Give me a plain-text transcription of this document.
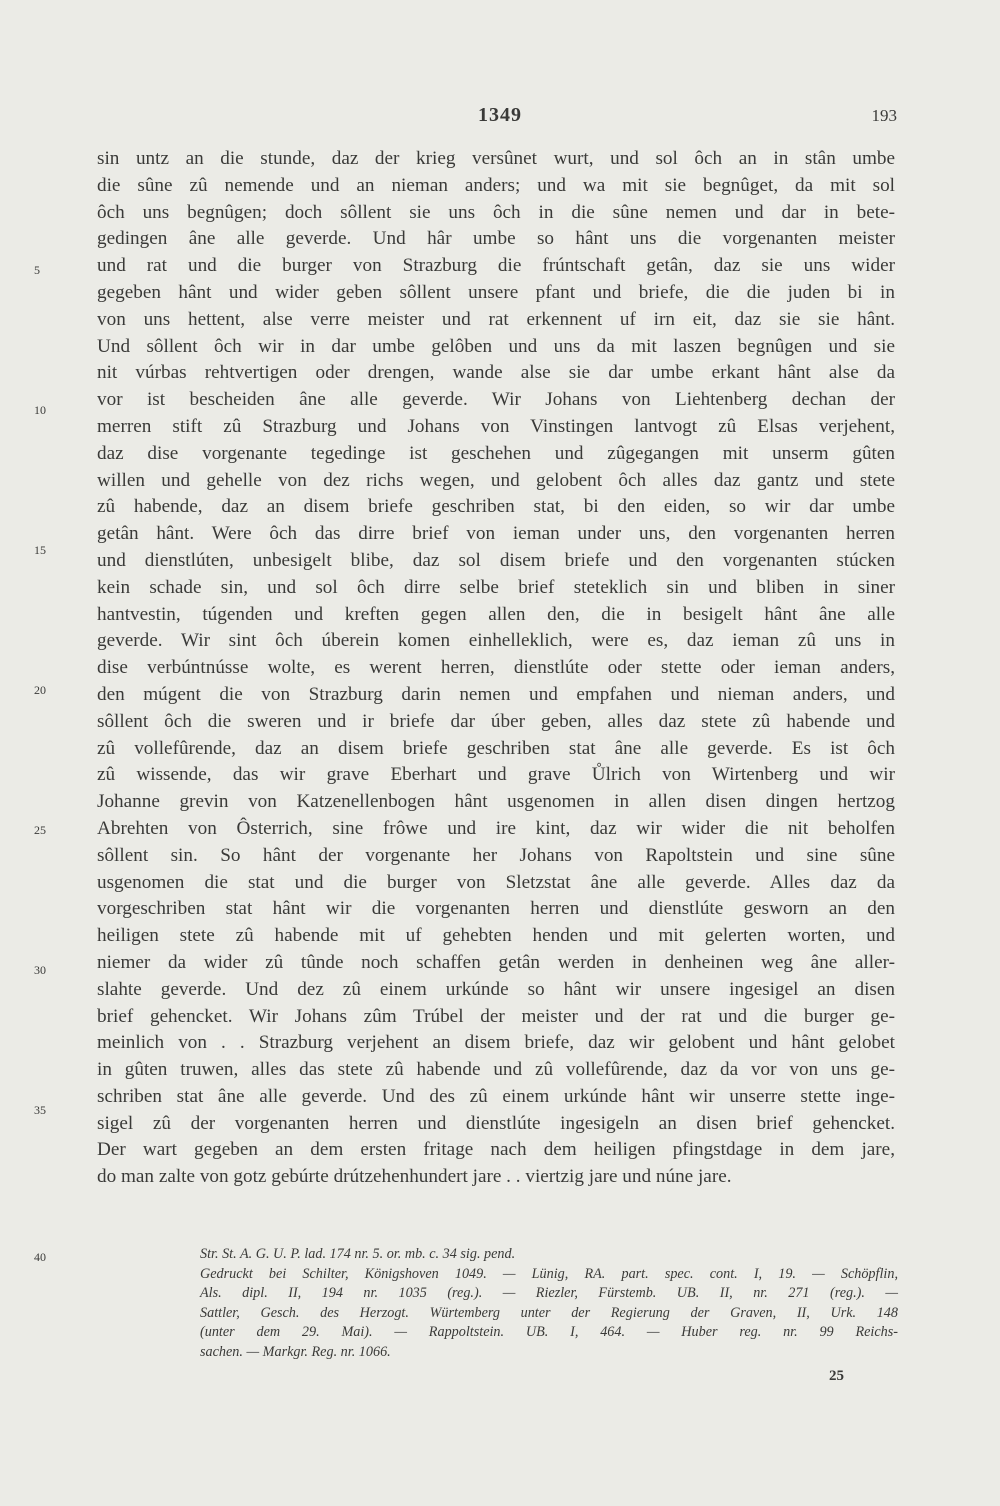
1349	193
5
10
15
20
25
30
35
40
sin untz an die stunde, daz der krieg versûnet wurt, und sol ôch an in stân umbe
die sûne zû nemende und an nieman anders; und wa mit sie begnûget, da mit sol
ôch uns begnûgen; doch sôllent sie uns ôch in die sûne nemen und dar in bete-
gedingen âne alle geverde. Und hâr umbe so hânt uns die vorgenanten meister
und rat und die burger von Strazburg die frúntschaft getân, daz sie uns wider
gegeben hânt und wider geben sôllent unsere pfant und briefe, die die juden bi in
von uns hettent, alse verre meister und rat erkennent uf irn eit, daz sie sie hânt.
Und sôllent ôch wir in dar umbe gelôben und uns da mit laszen begnûgen und sie
nit vúrbas rehtvertigen oder drengen, wande alse sie dar umbe erkant hânt alse da
vor ist bescheiden âne alle geverde. Wir Johans von Liehtenberg dechan der
merren stift zû Strazburg und Johans von Vinstingen lantvogt zû Elsas verjehent,
daz dise vorgenante tegedinge ist geschehen und zûgegangen mit unserm gûten
willen und gehelle von dez richs wegen, und gelobent ôch alles daz gantz und stete
zû habende, daz an disem briefe geschriben stat, bi den eiden, so wir dar umbe
getân hânt. Were ôch das dirre brief von ieman under uns, den vorgenanten herren
und dienstlúten, unbesigelt blibe, daz sol disem briefe und den vorgenanten stúcken
kein schade sin, und sol ôch dirre selbe brief steteklich sin und bliben in siner
hantvestin, túgenden und kreften gegen allen den, die in besigelt hânt âne alle
geverde. Wir sint ôch úberein komen einhelleklich, were es, daz ieman zû uns in
dise verbúntnússe wolte, es werent herren, dienstlúte oder stette oder ieman anders,
den múgent die von Strazburg darin nemen und empfahen und nieman anders, und
sôllent ôch die sweren und ir briefe dar úber geben, alles daz stete zû habende und
zû vollefûrende, daz an disem briefe geschriben stat âne alle geverde. Es ist ôch
zû wissende, das wir grave Eberhart und grave Ůlrich von Wirtenberg und wir
Johanne grevin von Katzenellenbogen hânt usgenomen in allen disen dingen hertzog
Abrehten von Ôsterrich, sine frôwe und ire kint, daz wir wider die nit beholfen
sôllent sin. So hânt der vorgenante her Johans von Rapoltstein und sine sûne
usgenomen die stat und die burger von Sletzstat âne alle geverde. Alles daz da
vorgeschriben stat hânt wir die vorgenanten herren und dienstlúte gesworn an den
heiligen stete zû habende mit uf gehebten henden und mit gelerten worten, und
niemer da wider zû tûnde noch schaffen getân werden in denheinen weg âne aller-
slahte geverde. Und dez zû einem urkúnde so hânt wir unsere ingesigel an disen
brief gehencket. Wir Johans zûm Trúbel der meister und der rat und die burger ge-
meinlich von . . Strazburg verjehent an disem briefe, daz wir gelobent und hânt gelobet
in gûten truwen, alles das stete zû habende und zû vollefûrende, daz da vor von uns ge-
schriben stat âne alle geverde. Und des zû einem urkúnde hânt wir unserre stette inge-
sigel zû der vorgenanten herren und dienstlúte ingesigeln an disen brief gehencket.
Der wart gegeben an dem ersten fritage nach dem heiligen pfingstdage in dem jare,
do man zalte von gotz gebúrte drútzehenhundert jare . . viertzig jare und núne jare.
Str. St. A. G. U. P. lad. 174 nr. 5. or. mb. c. 34 sig. pend.
Gedruckt bei Schilter, Königshoven 1049. — Lünig, RA. part. spec. cont. I, 19. — Schöpflin,
Als. dipl. II, 194 nr. 1035 (reg.). — Riezler, Fürstemb. UB. II, nr. 271 (reg.). —
Sattler, Gesch. des Herzogt. Würtemberg unter der Regierung der Graven, II, Urk. 148
(unter dem 29. Mai). — Rappoltstein. UB. I, 464. — Huber reg. nr. 99 Reichs-
sachen. — Markgr. Reg. nr. 1066.
25
